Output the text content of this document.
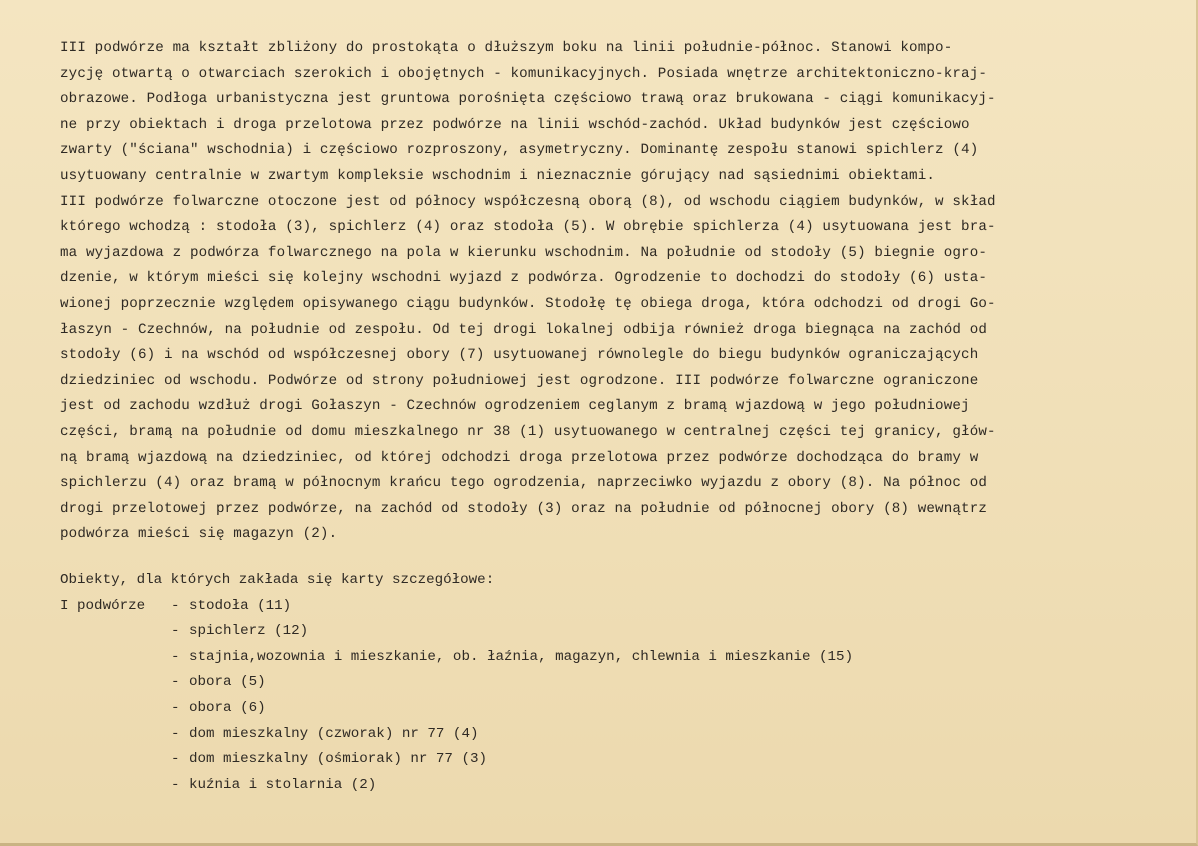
III podwórze ma kształt zbliżony do prostokąta o dłuższym boku na linii południe-północ. Stanowi kompo-
zycję otwartą o otwarciach szerokich i obojętnych - komunikacyjnych. Posiada wnętrze architektoniczno-kraj-
obrazowe. Podłoga urbanistyczna jest gruntowa porośnięta częściowo trawą oraz brukowana - ciągi komunikacyj-
ne przy obiektach i droga przelotowa przez podwórze na linii wschód-zachód. Układ budynków jest częściowo
zwarty ("ściana" wschodnia) i częściowo rozproszony, asymetryczny. Dominantę zespołu stanowi spichlerz (4)
usytuowany centralnie w zwartym kompleksie wschodnim i nieznacznie górujący nad sąsiednimi obiektami.
III podwórze folwarczne otoczone jest od północy współczesną oborą (8), od wschodu ciągiem budynków, w skład
którego wchodzą : stodoła (3), spichlerz (4) oraz stodoła (5). W obrębie spichlerza (4) usytuowana jest bra-
ma wyjazdowa z podwórza folwarcznego na pola w kierunku wschodnim. Na południe od stodoły (5) biegnie ogro-
dzenie, w którym mieści się kolejny wschodni wyjazd z podwórza. Ogrodzenie to dochodzi do stodoły (6) usta-
wionej poprzecznie względem opisywanego ciągu budynków. Stodołę tę obiega droga, która odchodzi od drogi Go-
łaszyn - Czechnów, na południe od zespołu. Od tej drogi lokalnej odbija również droga biegnąca na zachód od
stodoły (6) i na wschód od współczesnej obory (7) usytuowanej równolegle do biegu budynków ograniczających
dziedziniec od wschodu. Podwórze od strony południowej jest ogrodzone. III podwórze folwarczne ograniczone
jest od zachodu wzdłuż drogi Gołaszyn - Czechnów ogrodzeniem ceglanym z bramą wjazdową w jego południowej
części, bramą na południe od domu mieszkalnego nr 38 (1) usytuowanego w centralnej części tej granicy, głów-
ną bramą wjazdową na dziedziniec, od której odchodzi droga przelotowa przez podwórze dochodząca do bramy w
spichlerzu (4) oraz bramą w północnym krańcu tego ogrodzenia, naprzeciwko wyjazdu z obory (8). Na północ od
drogi przelotowej przez podwórze, na zachód od stodoły (3) oraz na południe od północnej obory (8) wewnątrz
podwórza mieści się magazyn (2).
Obiekty, dla których zakłada się karty szczegółowe:
I podwórze	- stodoła (11)
- spichlerz (12)
- stajnia,wozownia i mieszkanie, ob. łaźnia, magazyn, chlewnia i mieszkanie (15)
- obora (5)
- obora (6)
- dom mieszkalny (czworak) nr 77 (4)
- dom mieszkalny (ośmiorak) nr 77 (3)
- kuźnia i stolarnia (2)
